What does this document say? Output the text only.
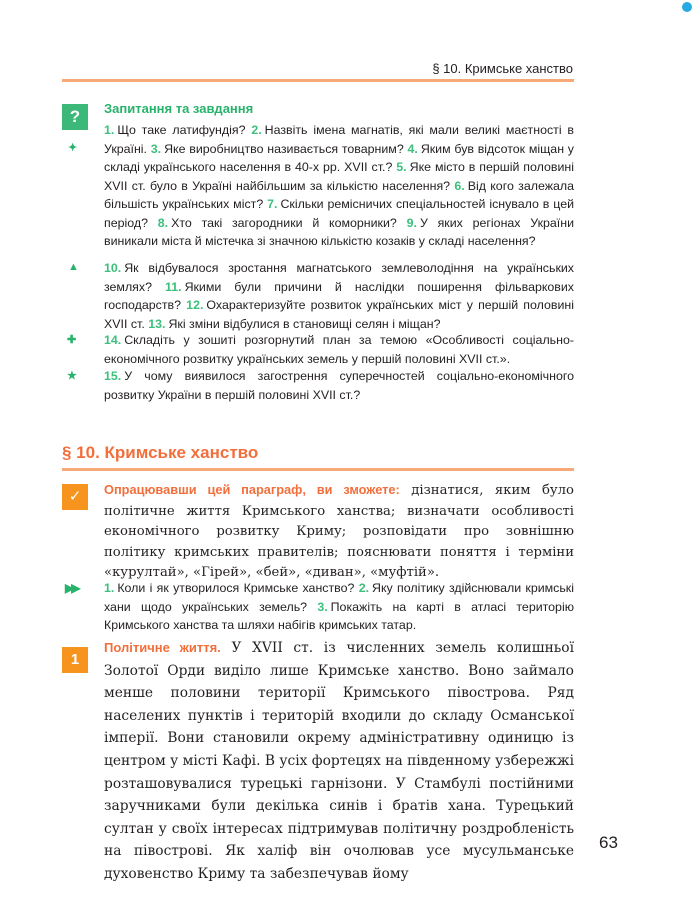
§ 10. Кримське ханство
?	Запитання та завдання
✦
1. Що таке латифундія? 2. Назвіть імена магнатів, які мали великі маєтності в Україні. 3. Яке виробництво називається товарним? 4. Яким був відсоток міщан у складі українського населення в 40-х рр. XVII ст.? 5. Яке місто в першій половині XVII ст. було в Україні найбільшим за кількістю населення? 6. Від кого залежала більшість українських міст? 7. Скільки ремісничих спеціальностей існувало в цей період? 8. Хто такі загородники й коморники? 9. У яких регіонах України виникали міста й містечка зі значною кількістю козаків у складі населення?
▲ 10. Як відбувалося зростання магнатського землеволодіння на українських землях? 11. Якими були причини й наслідки поширення фільваркових господарств? 12. Охарактеризуйте розвиток українських міст у першій половині XVII ст. 13. Які зміни відбулися в становищі селян і міщан?
✚ 14. Складіть у зошиті розгорнутий план за темою «Особливості соціально-економічного розвитку українських земель у першій половині XVII ст.».
★ 15. У чому виявилося загострення суперечностей соціально-економічного розвитку України в першій половині XVII ст.?
§ 10. Кримське ханство
✓	Опрацювавши цей параграф, ви зможете: дізнатися, яким було політичне життя Кримського ханства; визначати особливості економічного розвитку Криму; розповідати про зовнішню політику кримських правителів; пояснювати поняття і терміни «курултай», «Гірей», «бей», «диван», «муфтій».
▶▶ 1. Коли і як утворилося Кримське ханство? 2. Яку політику здійснювали кримські хани щодо українських земель? 3. Покажіть на карті в атласі територію Кримського ханства та шляхи набігів кримських татар.
1
Політичне життя. У XVII ст. із численних земель колишньої Золотої Орди виділо лише Кримське ханство. Воно займало менше половини території Кримського півострова. Ряд населених пунктів і територій входили до складу Османської імперії. Вони становили окрему адміністративну одиницю із центром у місті Кафі. В усіх фортецях на південному узбережжі розташовувалися турецькі гарнізони. У Стамбулі постійними заручниками були декілька синів і братів хана. Турецький султан у своїх інтересах підтримував політичну роздробленість на півострові. Як халіф він очолював усе мусульманське духовенство Криму та забезпечував йому
63
